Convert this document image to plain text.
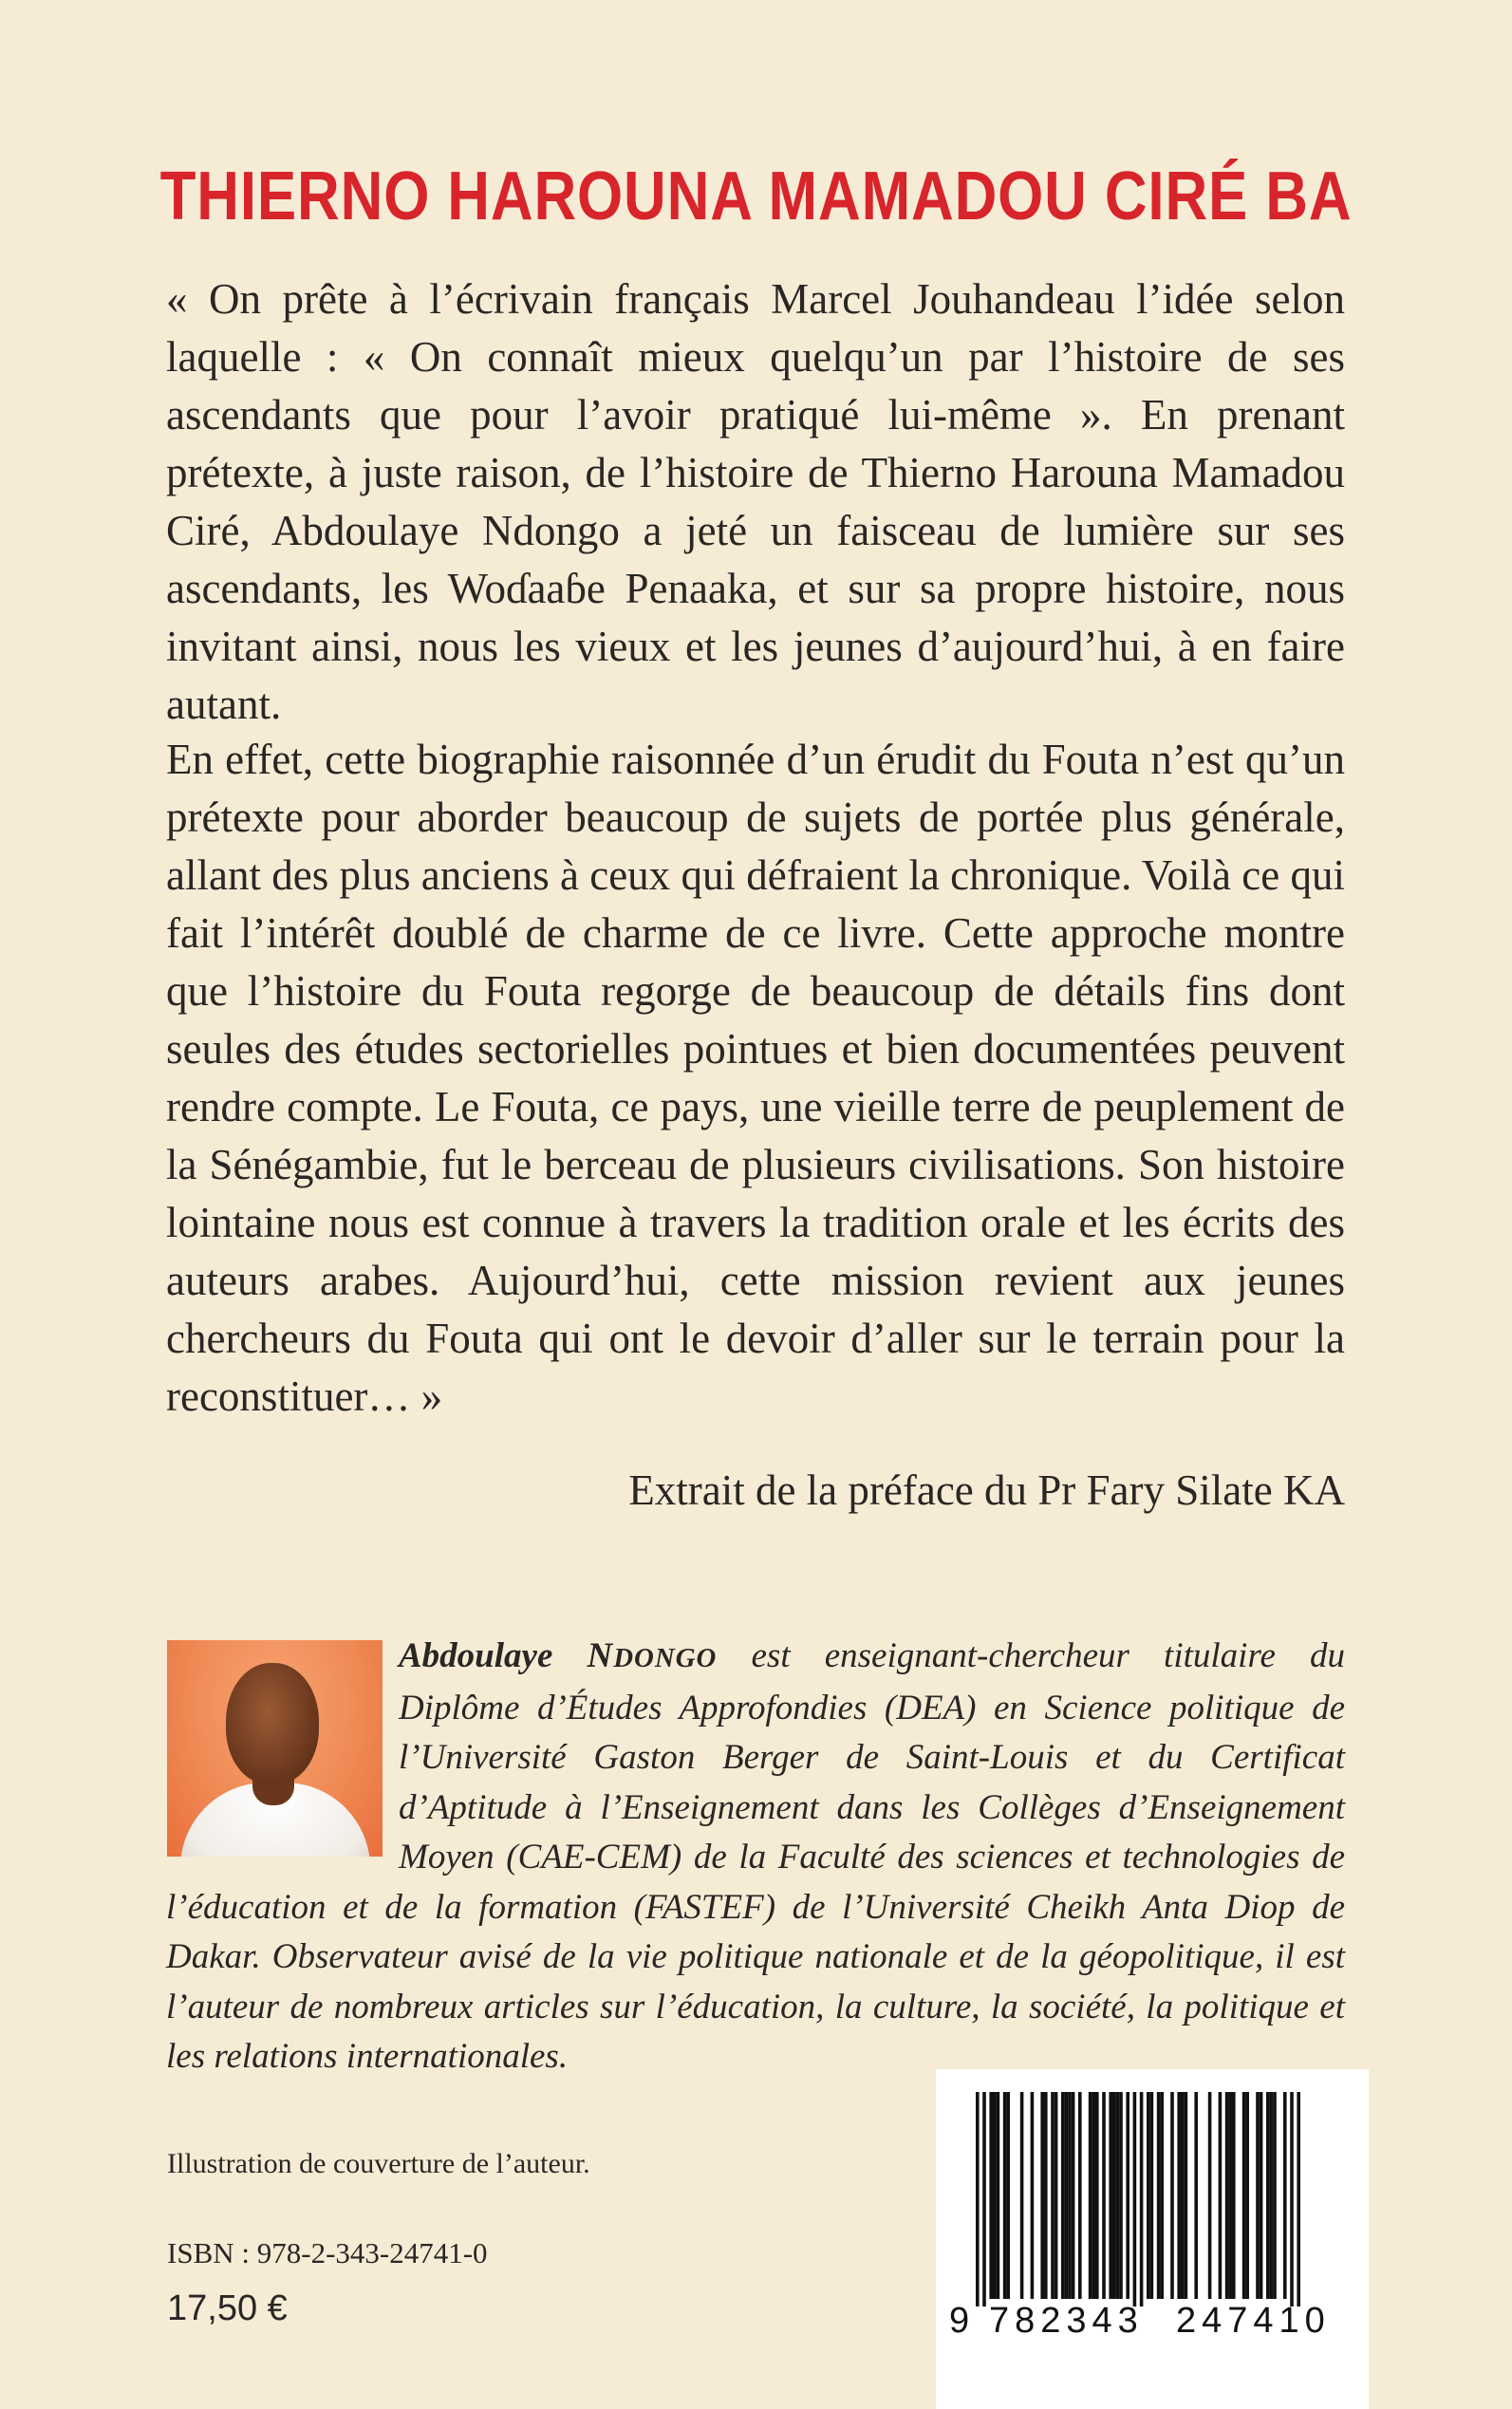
THIERNO HAROUNA MAMADOU CIRÉ BA

« On prête à l’écrivain français Marcel Jouhandeau l’idée selon laquelle : « On connaît mieux quelqu’un par l’histoire de ses ascendants que pour l’avoir pratiqué lui-même ». En prenant prétexte, à juste raison, de l’histoire de Thierno Harouna Mamadou Ciré, Abdoulaye Ndongo a jeté un faisceau de lumière sur ses ascendants, les Woɗaaɓe Penaaka, et sur sa propre histoire, nous invitant ainsi, nous les vieux et les jeunes d’aujourd’hui, à en faire autant.

En effet, cette biographie raisonnée d’un érudit du Fouta n’est qu’un prétexte pour aborder beaucoup de sujets de portée plus générale, allant des plus anciens à ceux qui défraient la chronique. Voilà ce qui fait l’intérêt doublé de charme de ce livre. Cette approche montre que l’histoire du Fouta regorge de beaucoup de détails fins dont seules des études sectorielles pointues et bien documentées peuvent rendre compte. Le Fouta, ce pays, une vieille terre de peuplement de la Sénégambie, fut le berceau de plusieurs civilisations. Son histoire lointaine nous est connue à travers la tradition orale et les écrits des auteurs arabes. Aujourd’hui, cette mission revient aux jeunes chercheurs du Fouta qui ont le devoir d’aller sur le terrain pour la reconstituer… »

Extrait de la préface du Pr Fary Silate KA

Abdoulaye NDONGO est enseignant-chercheur titulaire du Diplôme d’Études Approfondies (DEA) en Science politique de l’Université Gaston Berger de Saint-Louis et du Certificat d’Aptitude à l’Enseignement dans les Collèges d’Enseignement Moyen (CAE-CEM) de la Faculté des sciences et technologies de l’éducation et de la formation (FASTEF) de l’Université Cheikh Anta Diop de Dakar. Observateur avisé de la vie politique nationale et de la géopolitique, il est l’auteur de nombreux articles sur l’éducation, la culture, la société, la politique et les relations internationales.

Illustration de couverture de l’auteur.
ISBN : 978-2-343-24741-0
17,50 €	9 782343 247410
